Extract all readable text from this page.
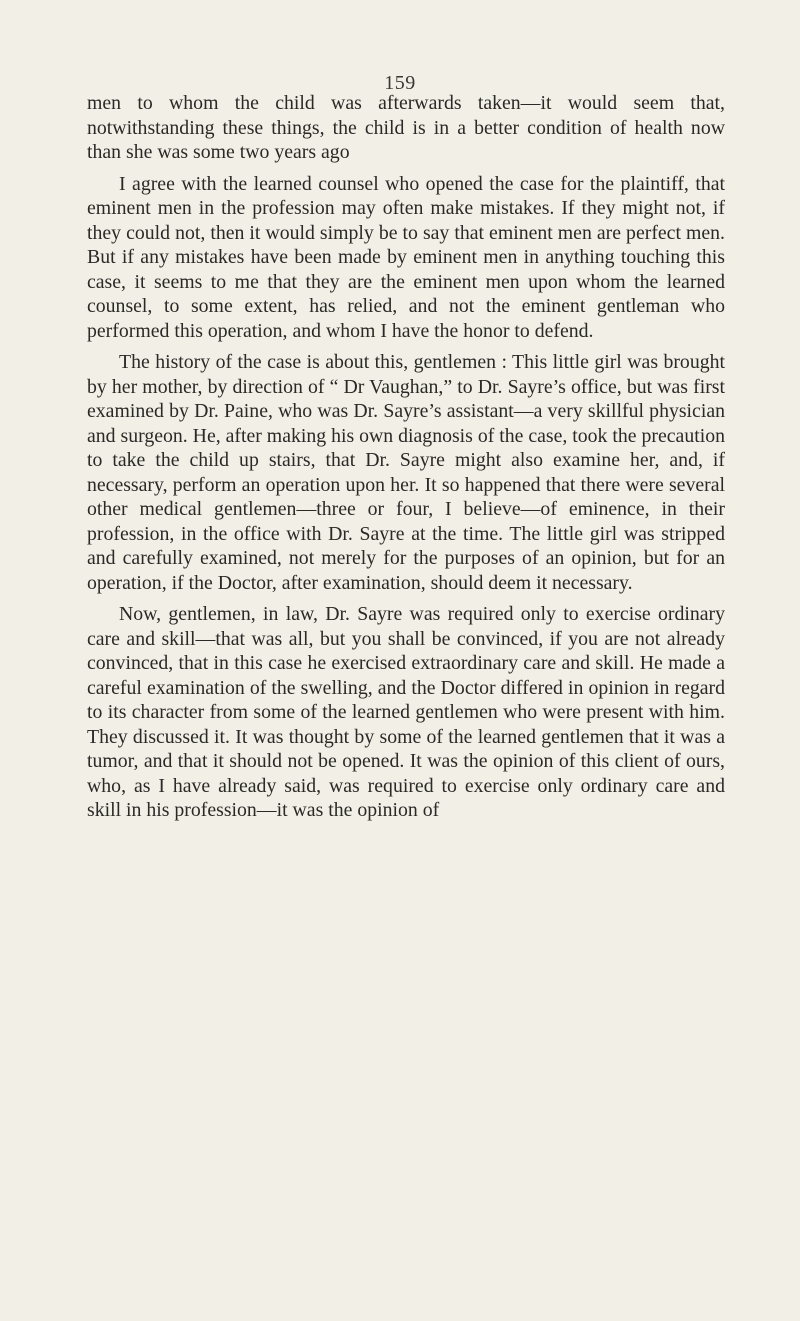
159

men to whom the child was afterwards taken—it would seem that, notwithstanding these things, the child is in a better condition of health now than she was some two years ago

I agree with the learned counsel who opened the case for the plaintiff, that eminent men in the profession may often make mistakes. If they might not, if they could not, then it would simply be to say that eminent men are perfect men. But if any mistakes have been made by eminent men in anything touching this case, it seems to me that they are the eminent men upon whom the learned counsel, to some extent, has relied, and not the eminent gentleman who performed this operation, and whom I have the honor to defend.

The history of the case is about this, gentlemen : This little girl was brought by her mother, by direction of “ Dr Vaughan,” to Dr. Sayre’s office, but was first examined by Dr. Paine, who was Dr. Sayre’s assistant—a very skillful physician and surgeon. He, after making his own diagnosis of the case, took the precaution to take the child up stairs, that Dr. Sayre might also examine her, and, if necessary, perform an operation upon her. It so happened that there were several other medical gentlemen—three or four, I believe—of eminence, in their profession, in the office with Dr. Sayre at the time. The little girl was stripped and carefully examined, not merely for the purposes of an opinion, but for an operation, if the Doctor, after examination, should deem it necessary.

Now, gentlemen, in law, Dr. Sayre was required only to exercise ordinary care and skill—that was all, but you shall be convinced, if you are not already convinced, that in this case he exercised extraordinary care and skill. He made a careful examination of the swelling, and the Doctor differed in opinion in regard to its character from some of the learned gentlemen who were present with him. They discussed it. It was thought by some of the learned gentlemen that it was a tumor, and that it should not be opened. It was the opinion of this client of ours, who, as I have already said, was required to exercise only ordinary care and skill in his profession—it was the opinion of
